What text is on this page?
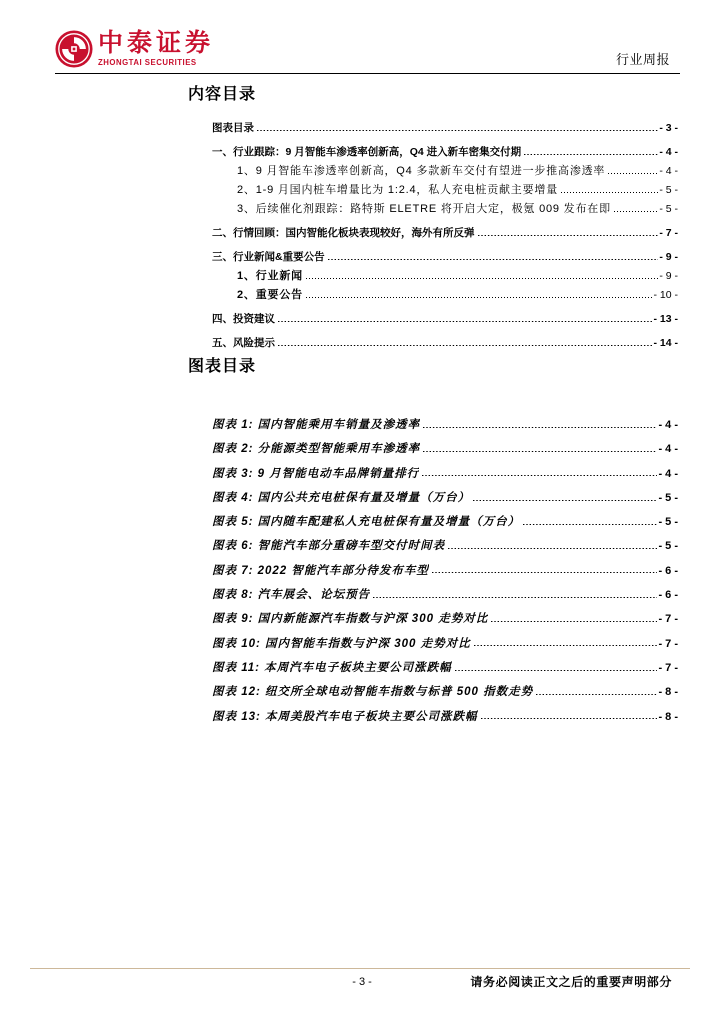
中泰证券
ZHONGTAI SECURITIES	行业周报
内容目录
图表目录	- 3 -
一、行业跟踪：9 月智能车渗透率创新高，Q4 进入新车密集交付期	- 4 -
1、9 月智能车渗透率创新高，Q4 多款新车交付有望进一步推高渗透率	- 4 -
2、1-9 月国内桩车增量比为 1:2.4，私人充电桩贡献主要增量	- 5 -
3、后续催化剂跟踪：路特斯 ELETRE 将开启大定，极氪 009 发布在即	- 5 -
二、行情回顾：国内智能化板块表现较好，海外有所反弹	- 7 -
三、行业新闻&重要公告	- 9 -
1、行业新闻	- 9 -
2、重要公告	- 10 -
四、投资建议	- 13 -
五、风险提示	- 14 -
图表目录
图表 1: 国内智能乘用车销量及渗透率	- 4 -
图表 2: 分能源类型智能乘用车渗透率	- 4 -
图表 3: 9 月智能电动车品牌销量排行	- 4 -
图表 4: 国内公共充电桩保有量及增量（万台）	- 5 -
图表 5: 国内随车配建私人充电桩保有量及增量（万台）	- 5 -
图表 6: 智能汽车部分重磅车型交付时间表	- 5 -
图表 7: 2022 智能汽车部分待发布车型	- 6 -
图表 8: 汽车展会、论坛预告	- 6 -
图表 9: 国内新能源汽车指数与沪深 300 走势对比	- 7 -
图表 10: 国内智能车指数与沪深 300 走势对比	- 7 -
图表 11: 本周汽车电子板块主要公司涨跌幅	- 7 -
图表 12: 纽交所全球电动智能车指数与标普 500 指数走势	- 8 -
图表 13: 本周美股汽车电子板块主要公司涨跌幅	- 8 -
- 3 -	请务必阅读正文之后的重要声明部分
